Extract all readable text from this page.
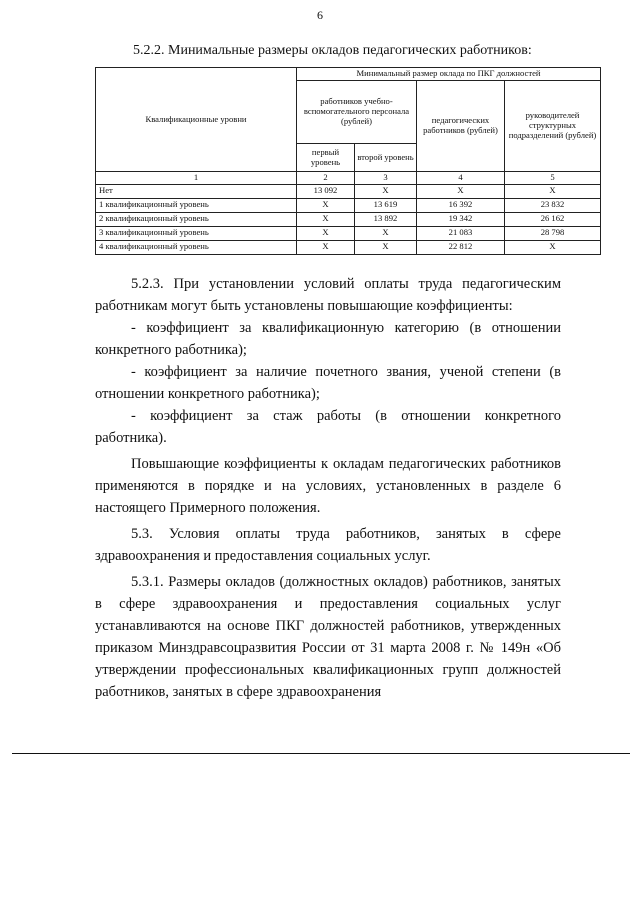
6
5.2.2. Минимальные размеры окладов педагогических работников:
Квалификационные уровни	Минимальный размер оклада по ПКГ должностей			
	работников учебно-вспомогательного персонала (рублей)		педагогических работников (рублей)	руководителей структурных подразделений (рублей)
	первый уровень	второй уровень		
1	2	3	4	5
Нет	13 092	Х	Х	Х
1 квалификационный уровень	Х	13 619	16 392	23 832
2 квалификационный уровень	Х	13 892	19 342	26 162
3 квалификационный уровень	Х	Х	21 083	28 798
4 квалификационный уровень	Х	Х	22 812	Х

5.2.3. При установлении условий оплаты труда педагогическим работникам могут быть установлены повышающие коэффициенты:

- коэффициент за квалификационную категорию (в отношении конкретного работника);

- коэффициент за наличие почетного звания, ученой степени (в отношении конкретного работника);

- коэффициент за стаж работы (в отношении конкретного работника).

Повышающие коэффициенты к окладам педагогических работников применяются в порядке и на условиях, установленных в разделе 6 настоящего Примерного положения.

5.3. Условия оплаты труда работников, занятых в сфере здравоохранения и предоставления социальных услуг.

5.3.1. Размеры окладов (должностных окладов) работников, занятых в сфере здравоохранения и предоставления социальных услуг устанавливаются на основе ПКГ должностей работников, утвержденных приказом Минздравсоцразвития России от 31 марта 2008 г. № 149н «Об утверждении профессиональных квалификационных групп должностей работников, занятых в сфере здравоохранения
